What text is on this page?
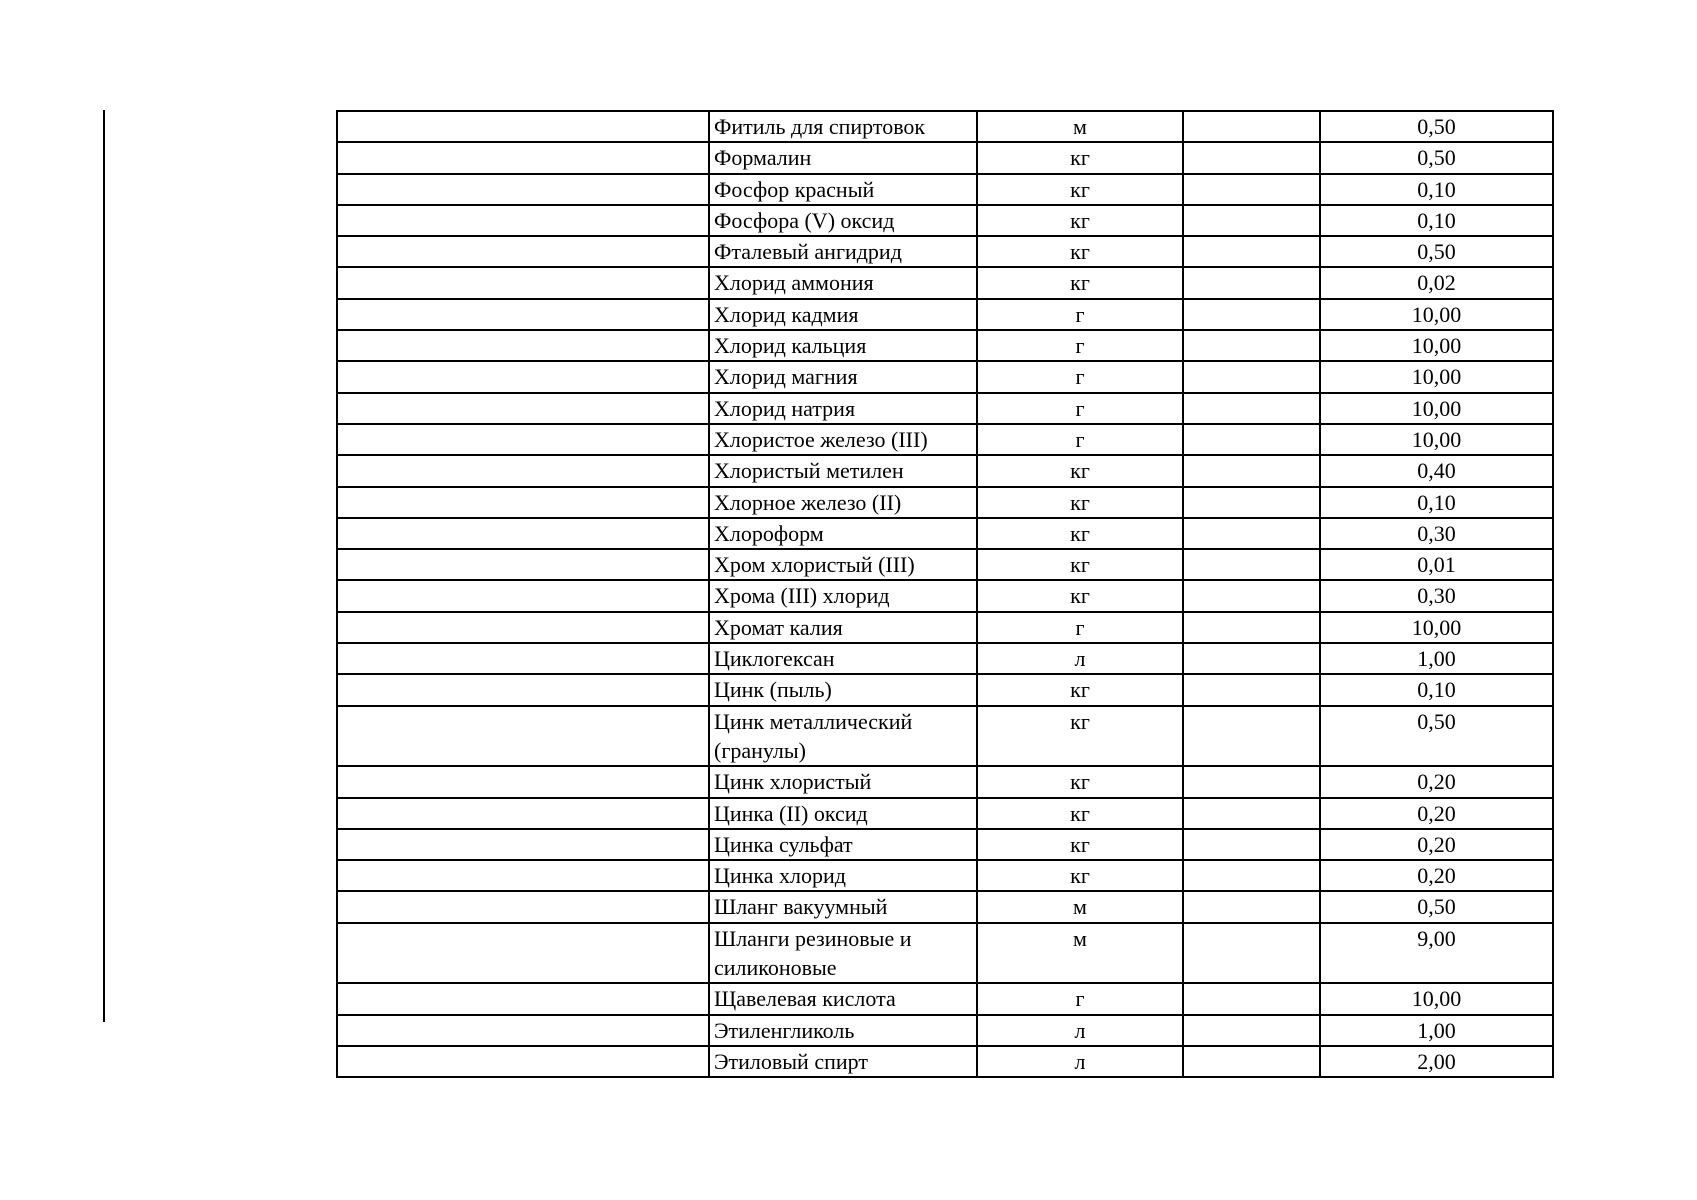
	Фитиль для спиртовок	м		0,50
	Формалин	кг		0,50
	Фосфор красный	кг		0,10
	Фосфора (V) оксид	кг		0,10
	Фталевый ангидрид	кг		0,50
	Хлорид аммония	кг		0,02
	Хлорид кадмия	г		10,00
	Хлорид кальция	г		10,00
	Хлорид магния	г		10,00
	Хлорид натрия	г		10,00
	Хлористое железо (III)	г		10,00
	Хлористый метилен	кг		0,40
	Хлорное железо (II)	кг		0,10
	Хлороформ	кг		0,30
	Хром хлористый (III)	кг		0,01
	Хрома (III) хлорид	кг		0,30
	Хромат калия	г		10,00
	Циклогексан	л		1,00
	Цинк (пыль)	кг		0,10
	Цинк металлический (гранулы)	кг		0,50
	Цинк хлористый	кг		0,20
	Цинка (II) оксид	кг		0,20
	Цинка сульфат	кг		0,20
	Цинка хлорид	кг		0,20
	Шланг вакуумный	м		0,50
	Шланги резиновые и силиконовые	м		9,00
	Щавелевая кислота	г		10,00
	Этиленгликоль	л		1,00
	Этиловый спирт	л		2,00
